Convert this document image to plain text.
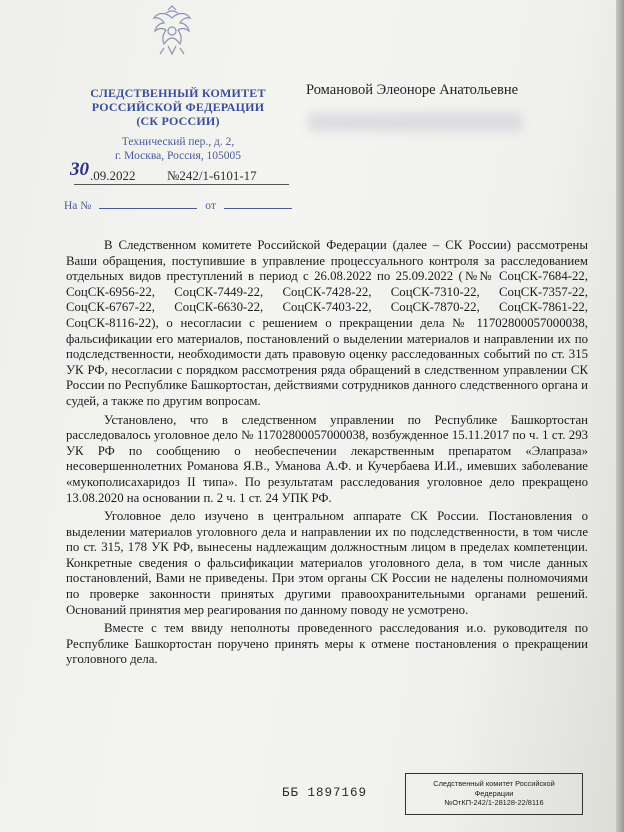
СЛЕДСТВЕННЫЙ КОМИТЕТ
РОССИЙСКОЙ ФЕДЕРАЦИИ
(СК РОССИИ)
Технический пер., д. 2,
г. Москва, Россия, 105005
Романовой Элеоноре Анатольевне
30 .09.2022 №242/1-6101-17
На №	от

В Следственном комитете Российской Федерации (далее – СК России) рассмотрены Ваши обращения, поступившие в управление процессуального контроля за расследованием отдельных видов преступлений в период с 26.08.2022 по 25.09.2022 (№№ СоцСК-7684-22, СоцСК-6956-22, СоцСК-7449-22, СоцСК-7428-22, СоцСК-7310-22, СоцСК-7357-22, СоцСК-6767-22, СоцСК-6630-22, СоцСК-7403-22, СоцСК-7870-22, СоцСК-7861-22, СоцСК-8116-22), о несогласии с решением о прекращении дела № 11702800057000038, фальсификации его материалов, постановлений о выделении материалов и направлении их по подследственности, необходимости дать правовую оценку расследованных событий по ст. 315 УК РФ, несогласии с порядком рассмотрения ряда обращений в следственном управлении СК России по Республике Башкортостан, действиями сотрудников данного следственного органа и судей, а также по другим вопросам.

Установлено, что в следственном управлении по Республике Башкортостан расследовалось уголовное дело № 11702800057000038, возбужденное 15.11.2017 по ч. 1 ст. 293 УК РФ по сообщению о необеспечении лекарственным препаратом «Элапраза» несовершеннолетних Романова Я.В., Уманова А.Ф. и Кучербаева И.И., имевших заболевание «мукополисахаридоз II типа». По результатам расследования уголовное дело прекращено 13.08.2020 на основании п. 2 ч. 1 ст. 24 УПК РФ.

Уголовное дело изучено в центральном аппарате СК России. Постановления о выделении материалов уголовного дела и направлении их по подследственности, в том числе по ст. 315, 178 УК РФ, вынесены надлежащим должностным лицом в пределах компетенции. Конкретные сведения о фальсификации материалов уголовного дела, в том числе данных постановлений, Вами не приведены. При этом органы СК России не наделены полномочиями по проверке законности принятых другими правоохранительными органами решений. Оснований принятия мер реагирования по данному поводу не усмотрено.

Вместе с тем ввиду неполноты проведенного расследования и.о. руководителя по Республике Башкортостан поручено принять меры к отмене постановления о прекращении уголовного дела.

ББ 1897169
Следственный комитет Российской
Федерации
№ОтКП-242/1-28128-22/8116
